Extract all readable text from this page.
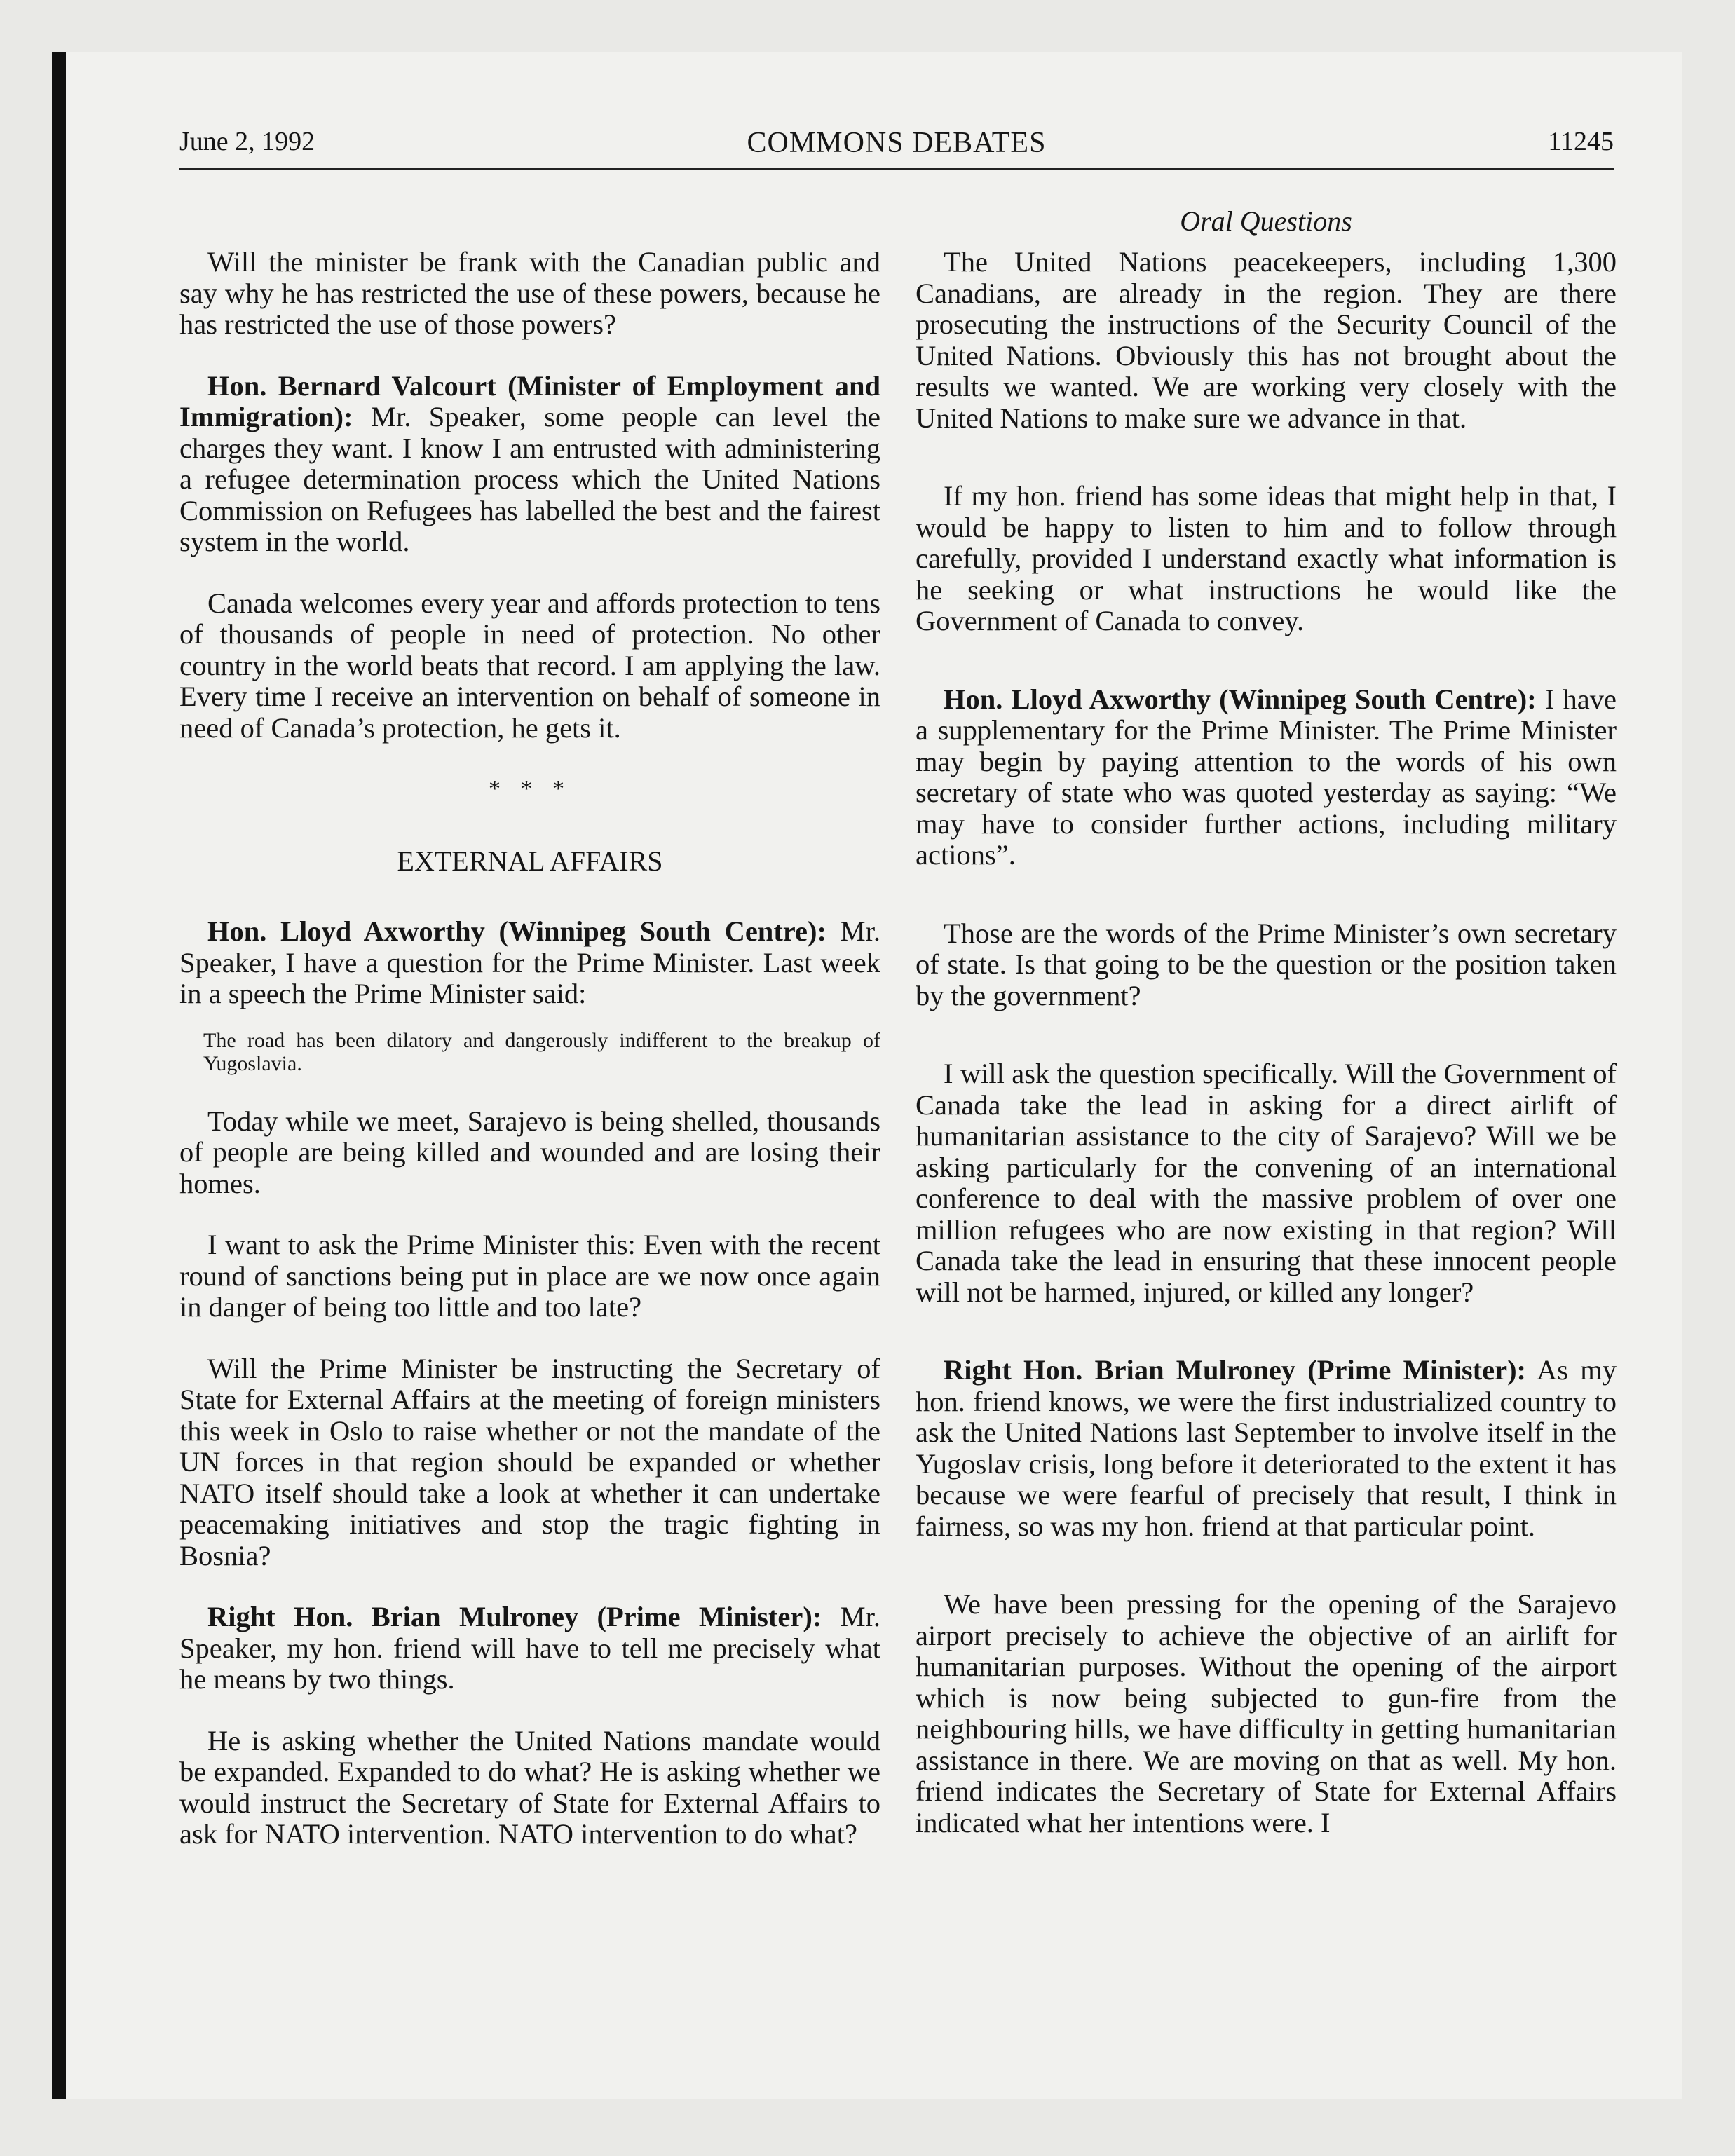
June 2, 1992	COMMONS DEBATES	11245
Oral Questions

Will the minister be frank with the Canadian public and say why he has restricted the use of these powers, because he has restricted the use of those powers?

Hon. Bernard Valcourt (Minister of Employment and Immigration): Mr. Speaker, some people can level the charges they want. I know I am entrusted with administering a refugee determination process which the United Nations Commission on Refugees has labelled the best and the fairest system in the world.

Canada welcomes every year and affords protection to tens of thousands of people in need of protection. No other country in the world beats that record. I am applying the law. Every time I receive an intervention on behalf of someone in need of Canada’s protection, he gets it.

* * *

EXTERNAL AFFAIRS

Hon. Lloyd Axworthy (Winnipeg South Centre): Mr. Speaker, I have a question for the Prime Minister. Last week in a speech the Prime Minister said:

The road has been dilatory and dangerously indifferent to the breakup of Yugoslavia.

Today while we meet, Sarajevo is being shelled, thousands of people are being killed and wounded and are losing their homes.

I want to ask the Prime Minister this: Even with the recent round of sanctions being put in place are we now once again in danger of being too little and too late?

Will the Prime Minister be instructing the Secretary of State for External Affairs at the meeting of foreign ministers this week in Oslo to raise whether or not the mandate of the UN forces in that region should be expanded or whether NATO itself should take a look at whether it can undertake peacemaking initiatives and stop the tragic fighting in Bosnia?

Right Hon. Brian Mulroney (Prime Minister): Mr. Speaker, my hon. friend will have to tell me precisely what he means by two things.

He is asking whether the United Nations mandate would be expanded. Expanded to do what? He is asking whether we would instruct the Secretary of State for External Affairs to ask for NATO intervention. NATO intervention to do what?

The United Nations peacekeepers, including 1,300 Canadians, are already in the region. They are there prosecuting the instructions of the Security Council of the United Nations. Obviously this has not brought about the results we wanted. We are working very closely with the United Nations to make sure we advance in that.

If my hon. friend has some ideas that might help in that, I would be happy to listen to him and to follow through carefully, provided I understand exactly what information is he seeking or what instructions he would like the Government of Canada to convey.

Hon. Lloyd Axworthy (Winnipeg South Centre): I have a supplementary for the Prime Minister. The Prime Minister may begin by paying attention to the words of his own secretary of state who was quoted yesterday as saying: “We may have to consider further actions, including military actions”.

Those are the words of the Prime Minister’s own secretary of state. Is that going to be the question or the position taken by the government?

I will ask the question specifically. Will the Government of Canada take the lead in asking for a direct airlift of humanitarian assistance to the city of Sarajevo? Will we be asking particularly for the convening of an international conference to deal with the massive problem of over one million refugees who are now existing in that region? Will Canada take the lead in ensuring that these innocent people will not be harmed, injured, or killed any longer?

Right Hon. Brian Mulroney (Prime Minister): As my hon. friend knows, we were the first industrialized country to ask the United Nations last September to involve itself in the Yugoslav crisis, long before it deteriorated to the extent it has because we were fearful of precisely that result, I think in fairness, so was my hon. friend at that particular point.

We have been pressing for the opening of the Sarajevo airport precisely to achieve the objective of an airlift for humanitarian purposes. Without the opening of the airport which is now being subjected to gun-fire from the neighbouring hills, we have difficulty in getting humanitarian assistance in there. We are moving on that as well. My hon. friend indicates the Secretary of State for External Affairs indicated what her intentions were. I
